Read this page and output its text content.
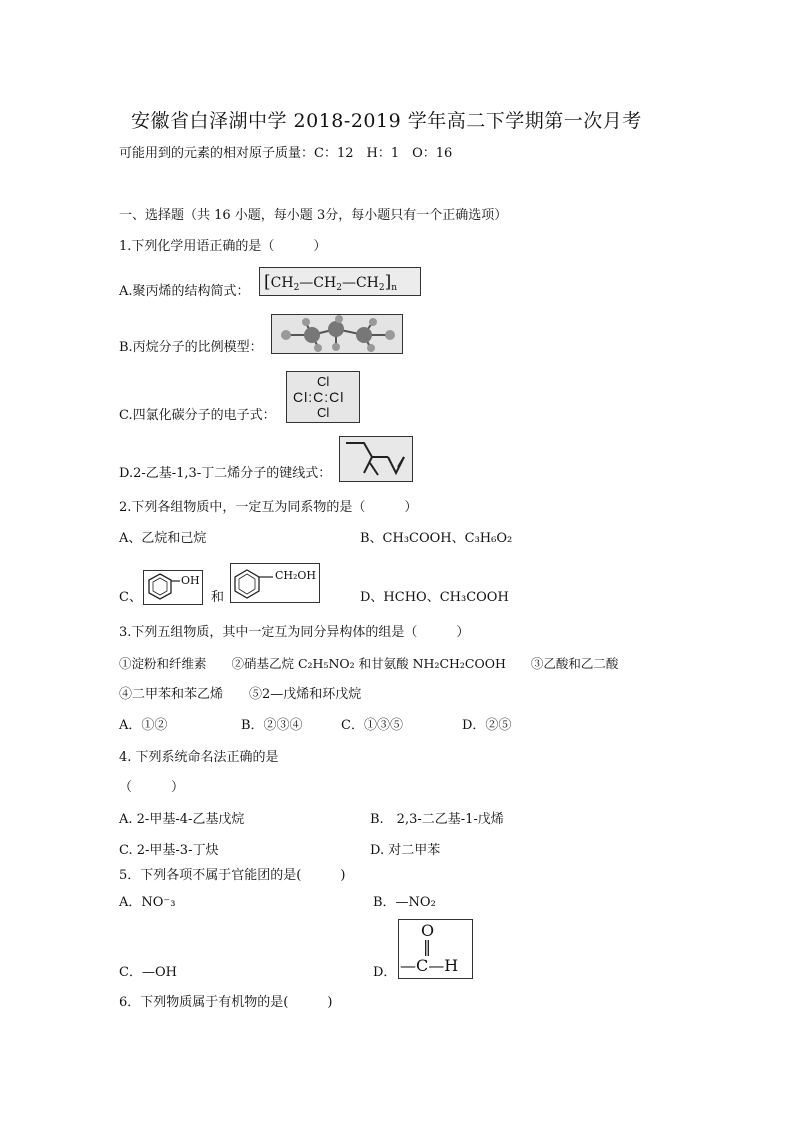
安徽省白泽湖中学 2018-2019 学年高二下学期第一次月考
可能用到的元素的相对原子质量：C：12　H：1　O：16
一、选择题（共 16 小题，每小题 3分，每小题只有一个正确选项）
1.下列化学用语正确的是（　　　）
A.聚丙烯的结构简式： $[CH_2—CH_2—CH_2]_n$
B.丙烷分子的比例模型：
C.四氯化碳分子的电子式：
Cl
Cl:C:Cl
Cl
D.2-乙基-1,3-丁二烯分子的键线式：
2.下列各组物质中，一定互为同系物的是（　　　）
A、乙烷和己烷	B、CH₃COOH、C₃H₆O₂
C、
OH
和
CH₂OH
D、HCHO、CH₃COOH
3.下列五组物质，其中一定互为同分异构体的组是（　　　）
①淀粉和纤维素　　②硝基乙烷 C₂H₅NO₂ 和甘氨酸 NH₂CH₂COOH　　③乙酸和乙二酸
④二甲苯和苯乙烯　　⑤2—戊烯和环戊烷
A．①②	B．②③④	C．①③⑤	D．②⑤
4. 下列系统命名法正确的是
（　　　）
A. 2-甲基-4-乙基戊烷	B.　2,3-二乙基-1-戊烯
C. 2-甲基-3-丁炔	D. 对二甲苯
5．下列各项不属于官能团的是(　　　)
A．NO⁻₃	B．—NO₂
C．—OH	D．
O
‖
—C—H
6．下列物质属于有机物的是(　　　)
